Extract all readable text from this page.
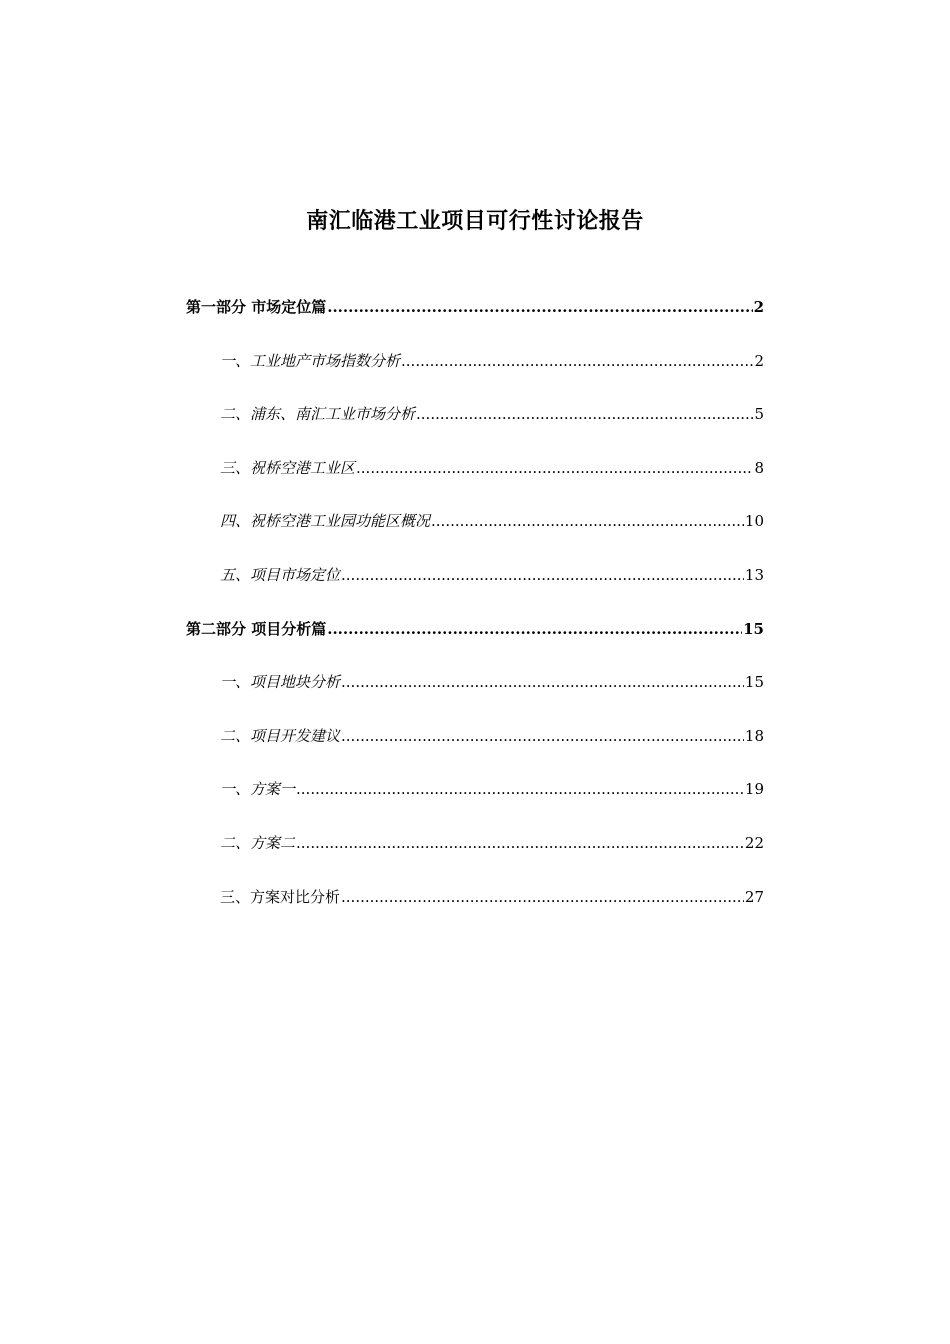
南汇临港工业项目可行性讨论报告
第一部分 市场定位篇 .....	2
一、工业地产市场指数分析 .....	2
二、浦东、南汇工业市场分析 .....	5
三、祝桥空港工业区 .....	8
四、祝桥空港工业园功能区概况 .....	10
五、项目市场定位 .....	13
第二部分 项目分析篇 .....	15
一、项目地块分析 .....	15
二、项目开发建议 .....	18
一、方案一 .....	19
二、方案二 .....	22
三、方案对比分析 .....	27
